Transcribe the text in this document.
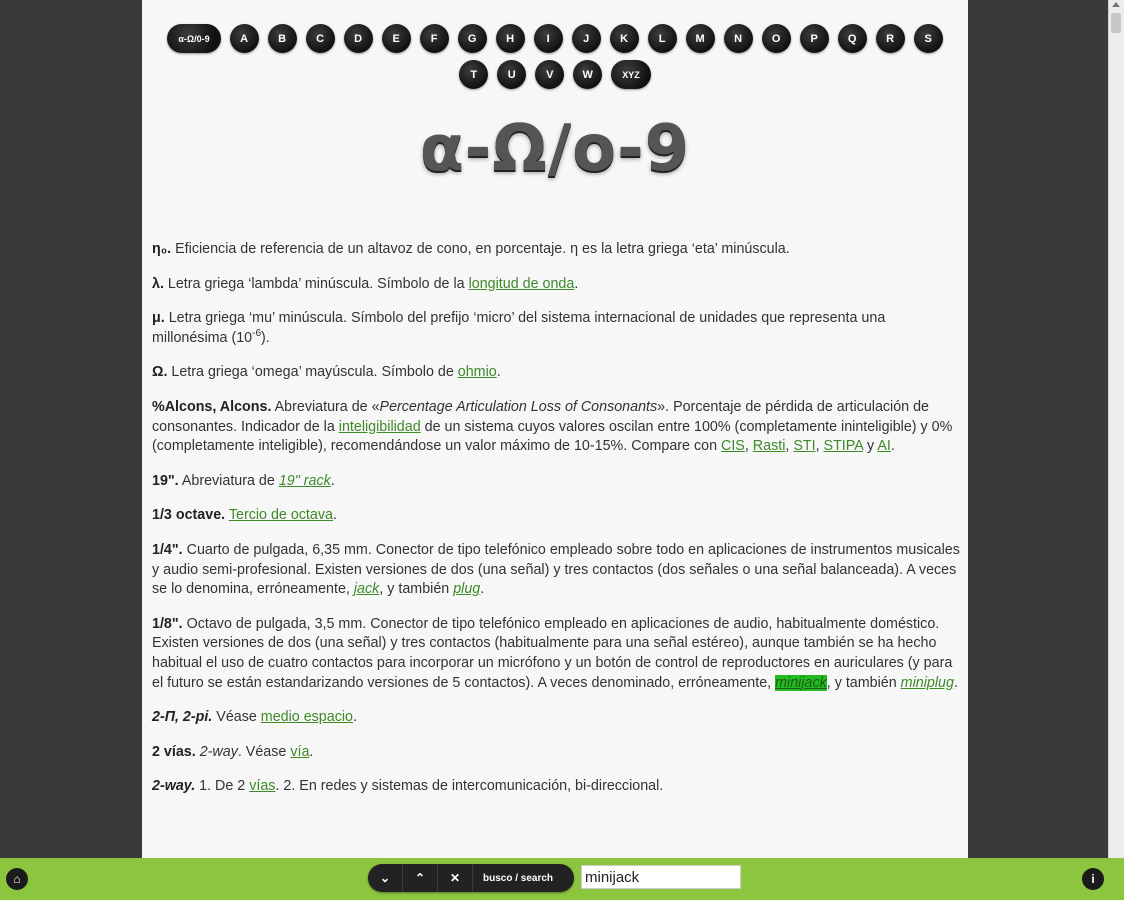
α-Ω/0-9	A	B	C	D	E	F	G	H	I	J	K	L	M	N	O	P	Q	R	S
T	U	V	W	XYZ
α-Ω/o-9

η₀. Eficiencia de referencia de un altavoz de cono, en porcentaje. η es la letra griega ‘eta’ minúscula.

λ. Letra griega ‘lambda’ minúscula. Símbolo de la longitud de onda.

μ. Letra griega ‘mu’ minúscula. Símbolo del prefijo ‘micro’ del sistema internacional de unidades que representa una millonésima $(10^{-6})$.

Ω. Letra griega ‘omega’ mayúscula. Símbolo de ohmio.

%Alcons, Alcons. Abreviatura de «Percentage Articulation Loss of Consonants». Porcentaje de pérdida de articulación de consonantes. Indicador de la inteligibilidad de un sistema cuyos valores oscilan entre 100% (completamente ininteligible) y 0% (completamente inteligible), recomendándose un valor máximo de 10-15%. Compare con CIS, Rasti, STI, STIPA y AI.

19". Abreviatura de 19" rack.

1/3 octave. Tercio de octava.

1/4". Cuarto de pulgada, 6,35 mm. Conector de tipo telefónico empleado sobre todo en aplicaciones de instrumentos musicales y audio semi-profesional. Existen versiones de dos (una señal) y tres contactos (dos señales o una señal balanceada). A veces se lo denomina, erróneamente, jack, y también plug.

1/8". Octavo de pulgada, 3,5 mm. Conector de tipo telefónico empleado en aplicaciones de audio, habitualmente doméstico. Existen versiones de dos (una señal) y tres contactos (habitualmente para una señal estéreo), aunque también se ha hecho habitual el uso de cuatro contactos para incorporar un micrófono y un botón de control de reproductores en auriculares (y para el futuro se están estandarizando versiones de 5 contactos). A veces denominado, erróneamente, minijack, y también miniplug.

2-Π, 2-pi. Véase medio espacio.

2 vías. 2-way. Véase vía.

2-way. 1. De 2 vías. 2. En redes y sistemas de intercomunicación, bi-direccional.

⌂	⌄ ⌃ ✕	busco / search
minijack	i
